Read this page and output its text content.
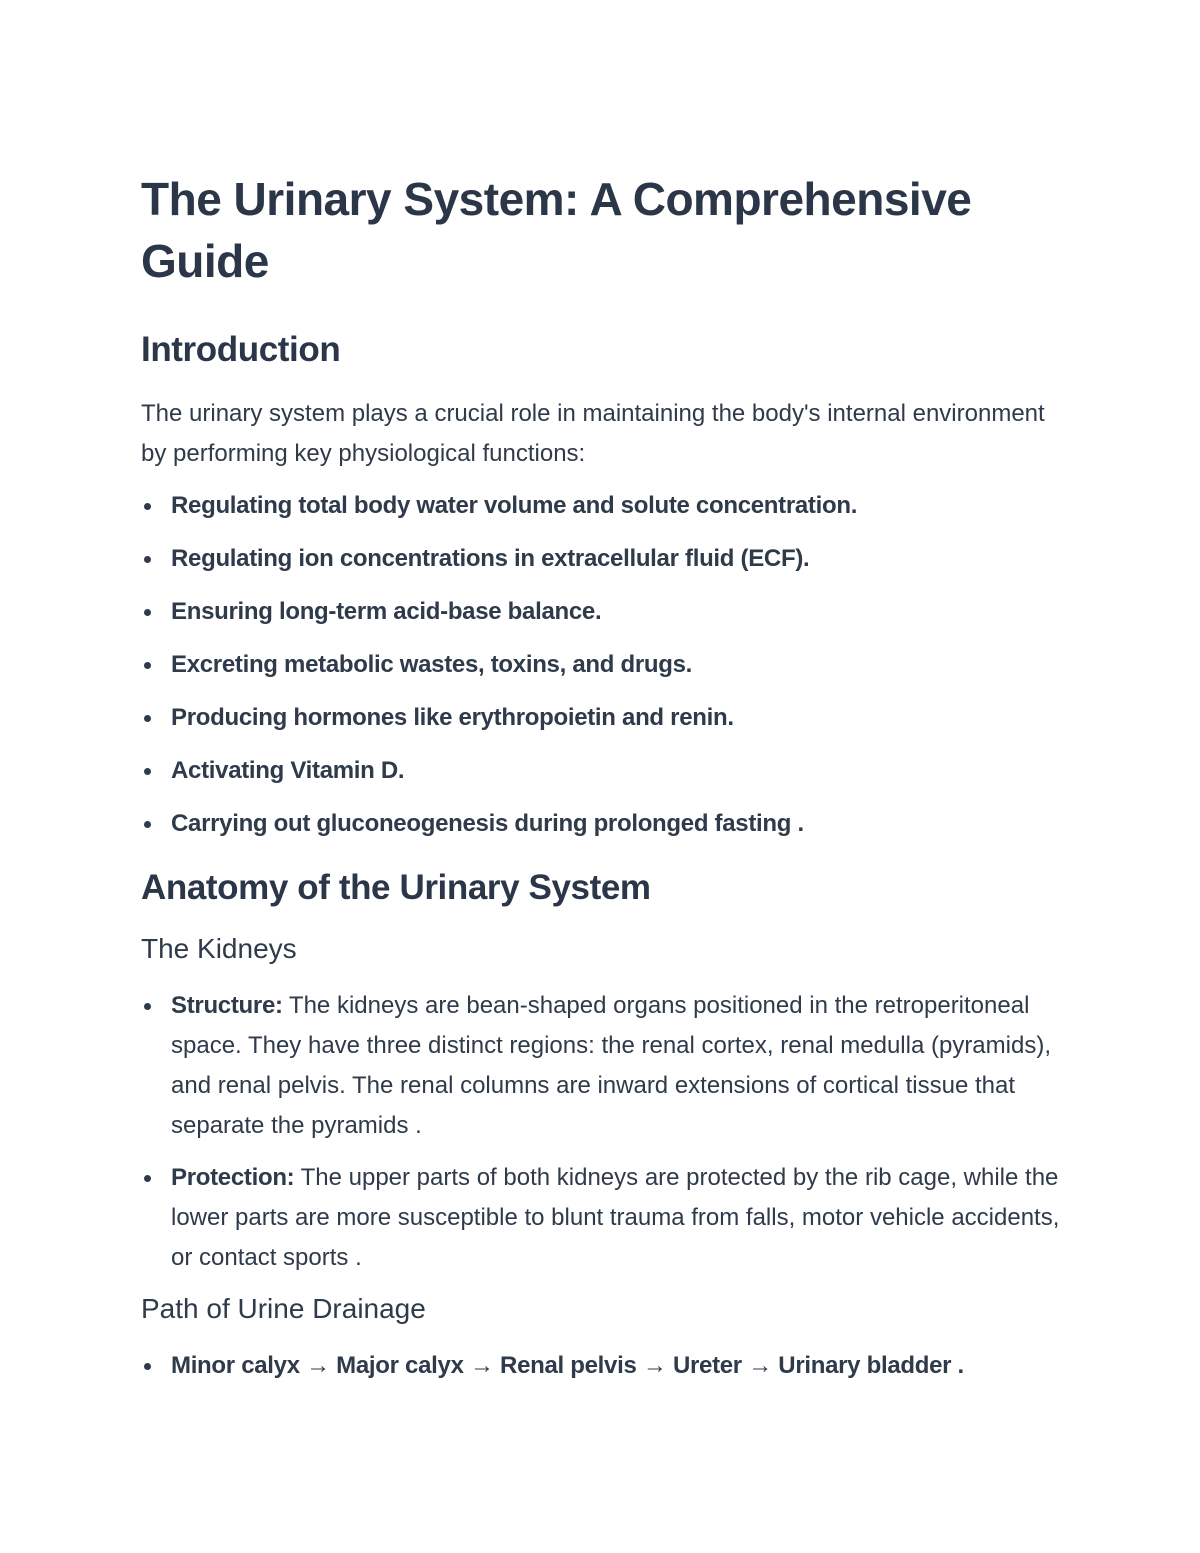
The Urinary System: A Comprehensive Guide
Introduction

The urinary system plays a crucial role in maintaining the body's internal environment by performing key physiological functions:

Regulating total body water volume and solute concentration.
Regulating ion concentrations in extracellular fluid (ECF).
Ensuring long-term acid-base balance.
Excreting metabolic wastes, toxins, and drugs.
Producing hormones like erythropoietin and renin.
Activating Vitamin D.
Carrying out gluconeogenesis during prolonged fasting .
Anatomy of the Urinary System
The Kidneys
Structure: The kidneys are bean-shaped organs positioned in the retroperitoneal space. They have three distinct regions: the renal cortex, renal medulla (pyramids), and renal pelvis. The renal columns are inward extensions of cortical tissue that separate the pyramids .
Protection: The upper parts of both kidneys are protected by the rib cage, while the lower parts are more susceptible to blunt trauma from falls, motor vehicle accidents, or contact sports .
Path of Urine Drainage
Minor calyx → Major calyx → Renal pelvis → Ureter → Urinary bladder .
